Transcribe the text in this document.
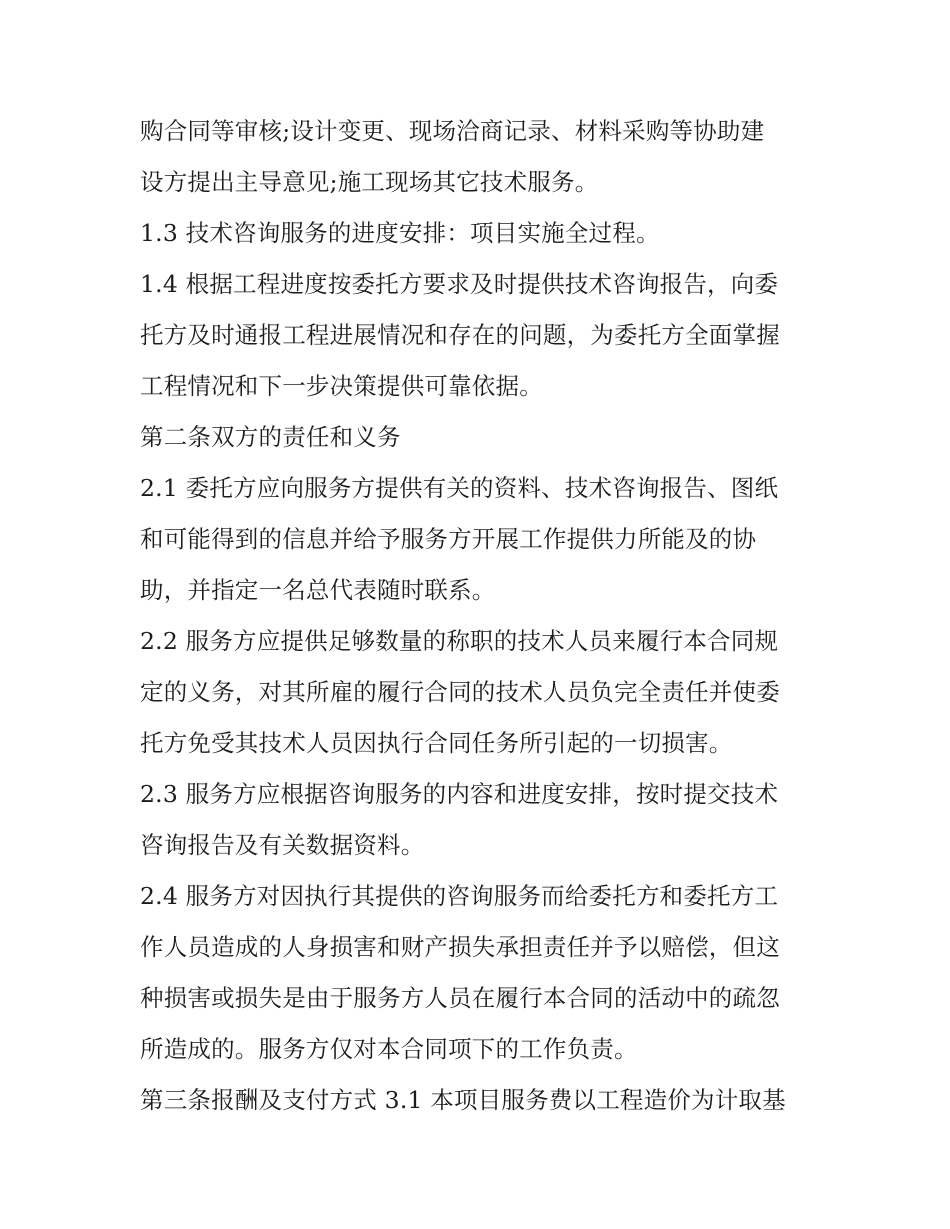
购合同等审核;设计变更、现场洽商记录、材料采购等协助建
设方提出主导意见;施工现场其它技术服务。
1.3 技术咨询服务的进度安排：项目实施全过程。
1.4 根据工程进度按委托方要求及时提供技术咨询报告，向委
托方及时通报工程进展情况和存在的问题，为委托方全面掌握
工程情况和下一步决策提供可靠依据。
第二条双方的责任和义务
2.1 委托方应向服务方提供有关的资料、技术咨询报告、图纸
和可能得到的信息并给予服务方开展工作提供力所能及的协
助，并指定一名总代表随时联系。
2.2 服务方应提供足够数量的称职的技术人员来履行本合同规
定的义务，对其所雇的履行合同的技术人员负完全责任并使委
托方免受其技术人员因执行合同任务所引起的一切损害。
2.3 服务方应根据咨询服务的内容和进度安排，按时提交技术
咨询报告及有关数据资料。
2.4 服务方对因执行其提供的咨询服务而给委托方和委托方工
作人员造成的人身损害和财产损失承担责任并予以赔偿，但这
种损害或损失是由于服务方人员在履行本合同的活动中的疏忽
所造成的。服务方仅对本合同项下的工作负责。
第三条报酬及支付方式 3.1 本项目服务费以工程造价为计取基
